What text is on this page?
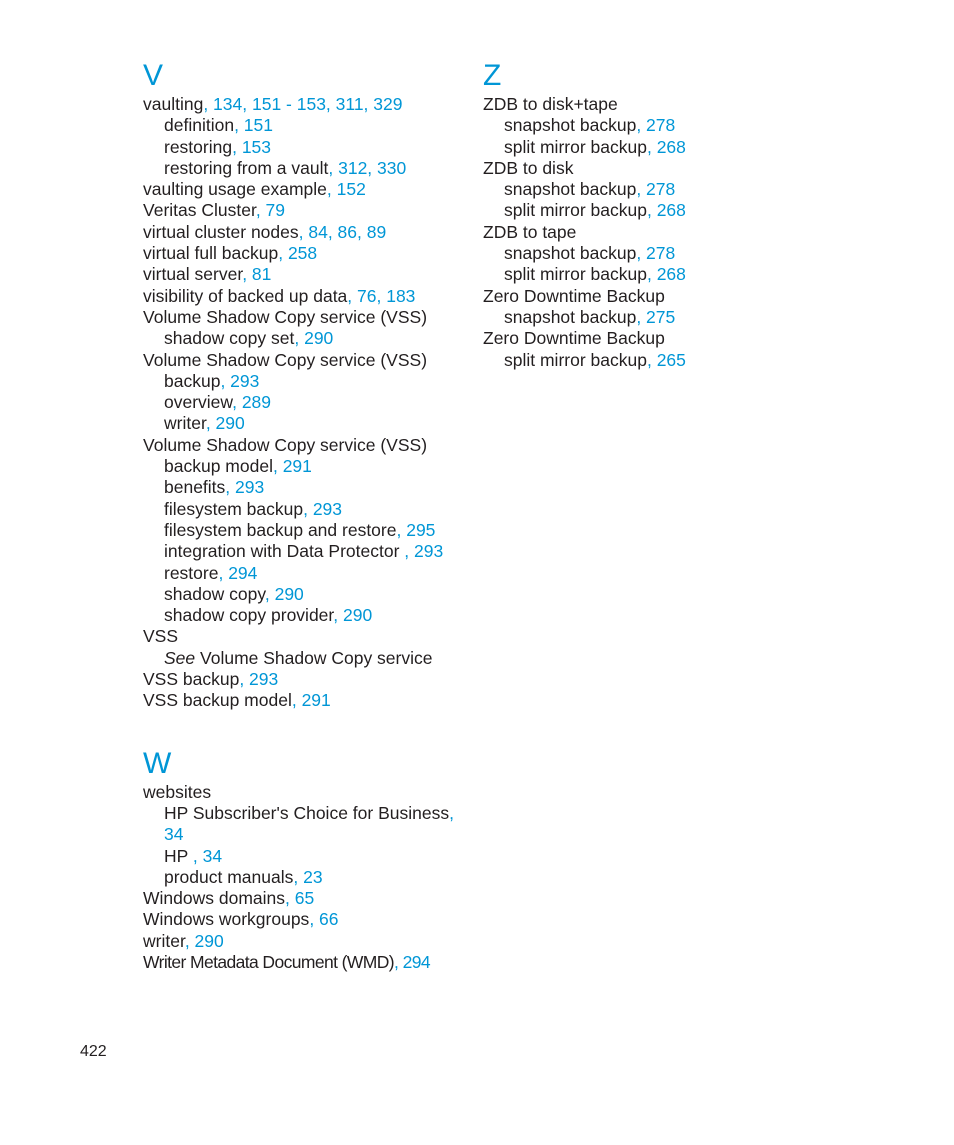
V
vaulting, 134, 151 - 153, 311, 329
definition, 151
restoring, 153
restoring from a vault, 312, 330
vaulting usage example, 152
Veritas Cluster, 79
virtual cluster nodes, 84, 86, 89
virtual full backup, 258
virtual server, 81
visibility of backed up data, 76, 183
Volume Shadow Copy service (VSS)
shadow copy set, 290
Volume Shadow Copy service (VSS)
backup, 293
overview, 289
writer, 290
Volume Shadow Copy service (VSS)
backup model, 291
benefits, 293
filesystem backup, 293
filesystem backup and restore, 295
integration with Data Protector , 293
restore, 294
shadow copy, 290
shadow copy provider, 290
VSS
See Volume Shadow Copy service
VSS backup, 293
VSS backup model, 291
W
websites
HP Subscriber's Choice for Business,
34
HP , 34
product manuals, 23
Windows domains, 65
Windows workgroups, 66
writer, 290
Writer Metadata Document (WMD), 294
Z
ZDB to disk+tape
snapshot backup, 278
split mirror backup, 268
ZDB to disk
snapshot backup, 278
split mirror backup, 268
ZDB to tape
snapshot backup, 278
split mirror backup, 268
Zero Downtime Backup
snapshot backup, 275
Zero Downtime Backup
split mirror backup, 265
422
